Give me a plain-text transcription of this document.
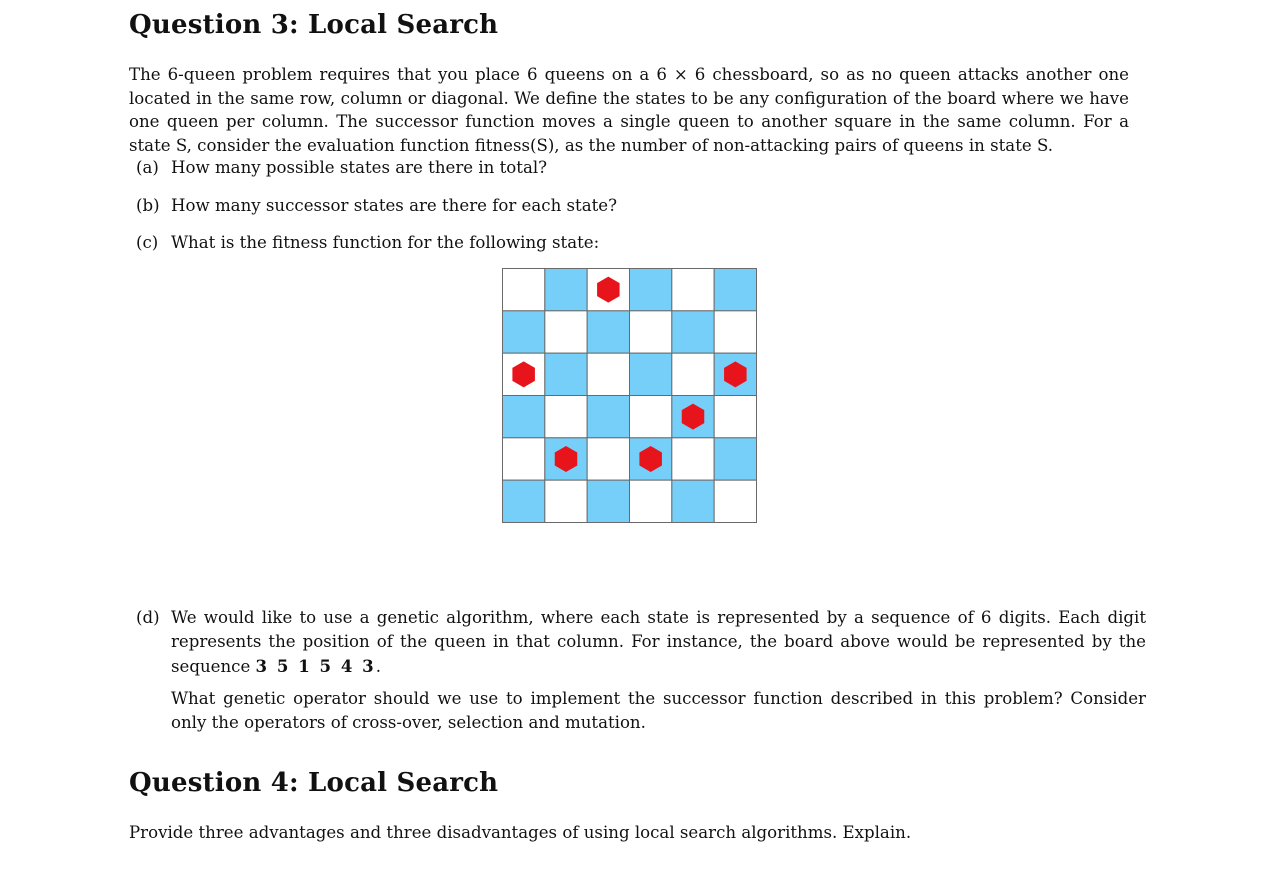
Question 3: Local Search

The 6-queen problem requires that you place 6 queens on a 6 × 6 chessboard, so as no queen attacks another one located in the same row, column or diagonal. We define the states to be any configuration of the board where we have one queen per column. The successor function moves a single queen to another square in the same column. For a state S, consider the evaluation function fitness(S), as the number of non-attacking pairs of queens in state S.

(a) How many possible states are there in total?
(b) How many successor states are there for each state?
(c) What is the fitness function for the following state:
(d) We would like to use a genetic algorithm, where each state is represented by a sequence of 6 digits. Each digit represents the position of the queen in that column. For instance, the board above would be represented by the sequence 3 5 1 5 4 3.

What genetic operator should we use to implement the successor function described in this problem? Consider only the operators of cross-over, selection and mutation.

Question 4: Local Search

Provide three advantages and three disadvantages of using local search algorithms. Explain.
